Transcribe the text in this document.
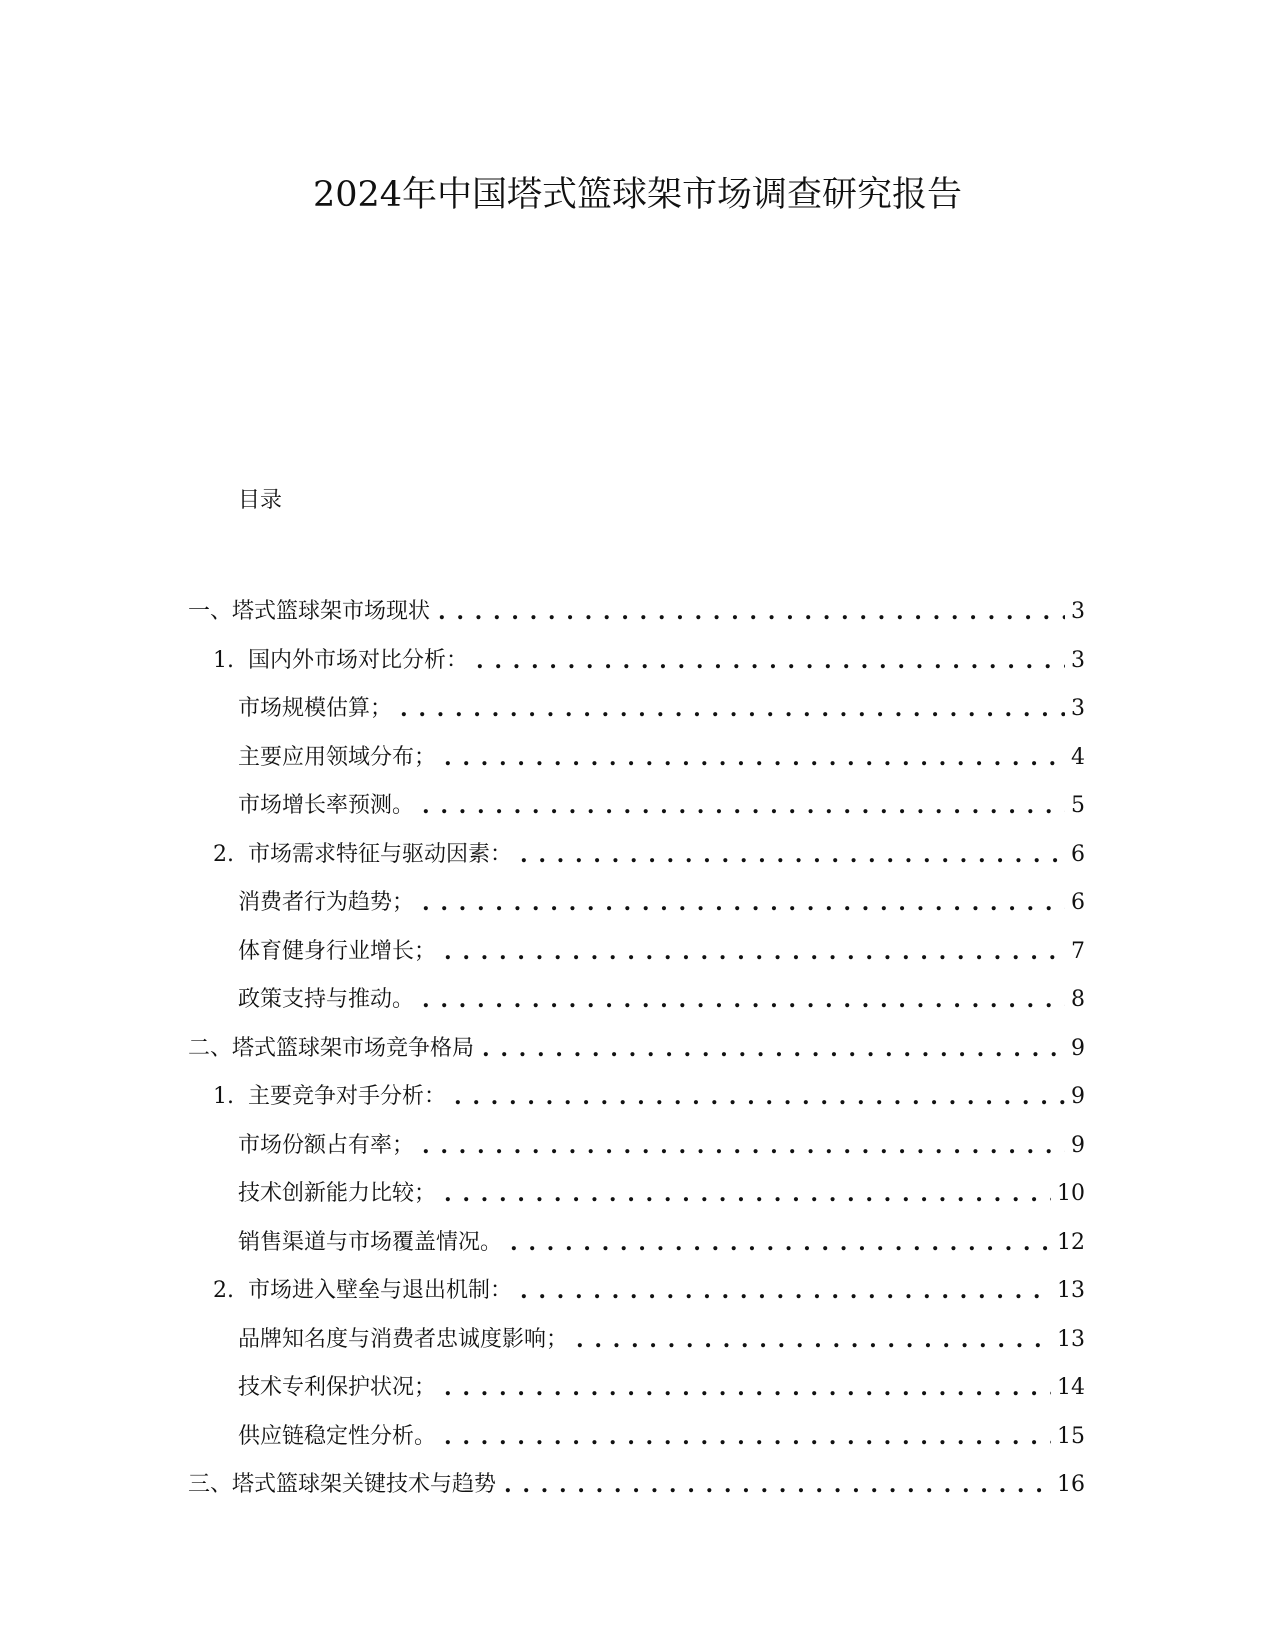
2024年中国塔式篮球架市场调查研究报告
目录
一、塔式篮球架市场现状 . . .	3
1. 国内外市场对比分析： . . .	3
市场规模估算； . . .	3
主要应用领域分布； . . .	4
市场增长率预测。 . . .	5
2. 市场需求特征与驱动因素： . . .	6
消费者行为趋势； . . .	6
体育健身行业增长； . . .	7
政策支持与推动。 . . .	8
二、塔式篮球架市场竞争格局 . . .	9
1. 主要竞争对手分析： . . .	9
市场份额占有率； . . .	9
技术创新能力比较； . . .	10
销售渠道与市场覆盖情况。 . . .	12
2. 市场进入壁垒与退出机制： . . .	13
品牌知名度与消费者忠诚度影响； . . .	13
技术专利保护状况； . . .	14
供应链稳定性分析。 . . .	15
三、塔式篮球架关键技术与趋势 . . .	16
